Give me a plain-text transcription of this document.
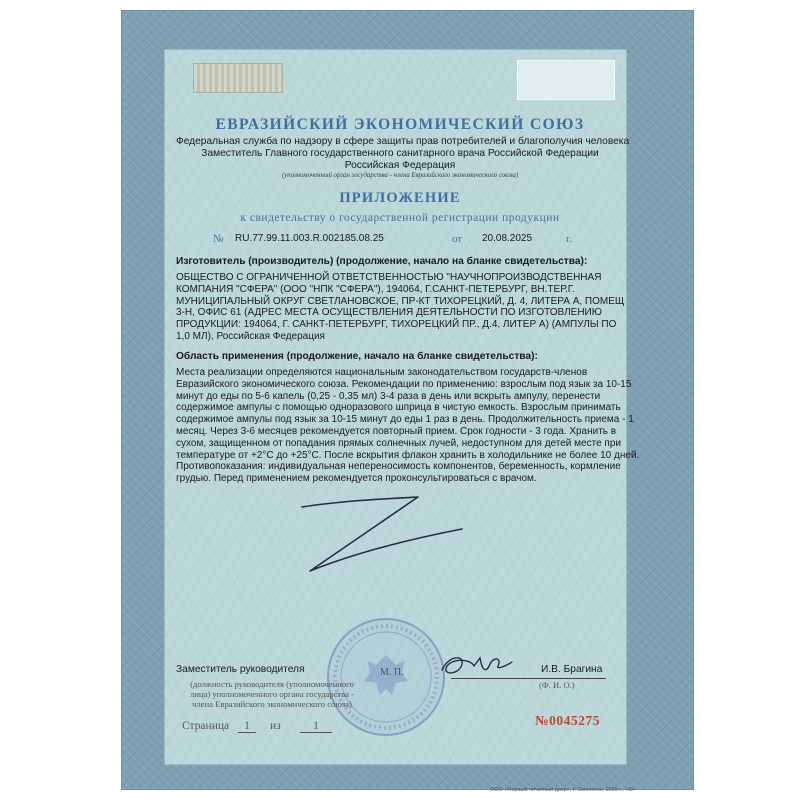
ЕВРАЗИЙСКИЙ ЭКОНОМИЧЕСКИЙ СОЮЗ
Федеральная служба по надзору в сфере защиты прав потребителей и благополучия человека
Заместитель Главного государственного санитарного врача Российской Федерации
Российская Федерация
(уполномоченный орган государства - члена Евразийского экономического союза)
ПРИЛОЖЕНИЕ
к свидетельству о государственной регистрации продукции
№ RU.77.99.11.003.R.002185.08.25	от 20.08.2025	г.
Изготовитель (производитель) (продолжение, начало на бланке свидетельства):
ОБЩЕСТВО С ОГРАНИЧЕННОЙ ОТВЕТСТВЕННОСТЬЮ "НАУЧНОПРОИЗВОДСТВЕННАЯ
КОМПАНИЯ "СФЕРА" (ООО "НПК "СФЕРА"), 194064, Г.САНКТ-ПЕТЕРБУРГ, ВН.ТЕР.Г.
МУНИЦИПАЛЬНЫЙ ОКРУГ СВЕТЛАНОВСКОЕ, ПР-КТ ТИХОРЕЦКИЙ, Д. 4, ЛИТЕРА А, ПОМЕЩ
3-Н, ОФИС 61 (АДРЕС МЕСТА ОСУЩЕСТВЛЕНИЯ ДЕЯТЕЛЬНОСТИ ПО ИЗГОТОВЛЕНИЮ
ПРОДУКЦИИ: 194064, Г. САНКТ-ПЕТЕРБУРГ, ТИХОРЕЦКИЙ ПР., Д.4, ЛИТЕР А) (АМПУЛЫ ПО
1,0 МЛ), Российская Федерация
Область применения (продолжение, начало на бланке свидетельства):
Места реализации определяются национальным законодательством государств-членов
Евразийского экономического союза. Рекомендации по применению: взрослым под язык за 10-15
минут до еды по 5-6 капель (0,25 - 0,35 мл) 3-4 раза в день или вскрыть ампулу, перенести
содержимое ампулы с помощью одноразового шприца в чистую емкость. Взрослым принимать
содержимое ампулы под язык за 10-15 минут до еды 1 раз в день. Продолжительность приема - 1
месяц. Через 3-6 месяцев рекомендуется повторный прием. Срок годности - 3 года. Хранить в
сухом, защищенном от попадания прямых солнечных лучей, недоступном для детей месте при
температуре от +2°С до +25°С. После вскрытия флакон хранить в холодильнике не более 10 дней.
Противопоказания: индивидуальная непереносимость компонентов, беременность, кормление
грудью. Перед применением рекомендуется проконсультироваться с врачом.
Заместитель руководителя	М. П.	И.В. Брагина
(Ф. И. О.)
(должность руководителя (уполномоченного
лица) уполномоченного органа государства -
члена Евразийского экономического союза)
Страница	1	из	1	№0045275
ООО «Первый печатный двор», г. Смоленск, 2025 г., «Б»
